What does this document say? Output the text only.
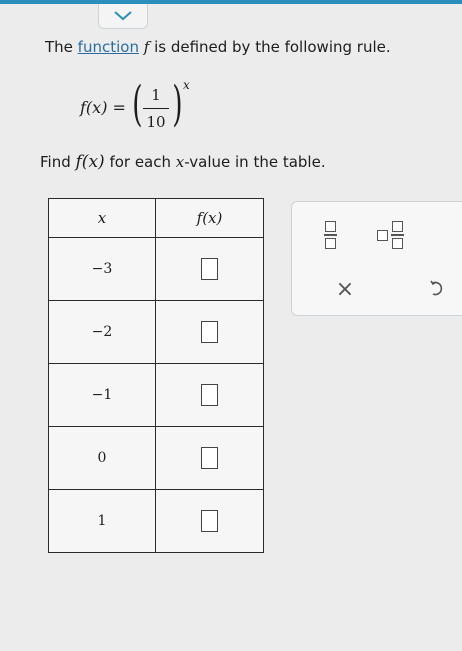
The function f is defined by the following rule.
f(x) = ( 1
10 ) x
Find f(x) for each x-value in the table.
x	f(x)
−3	
−2	
−1	
0	
1	
×
